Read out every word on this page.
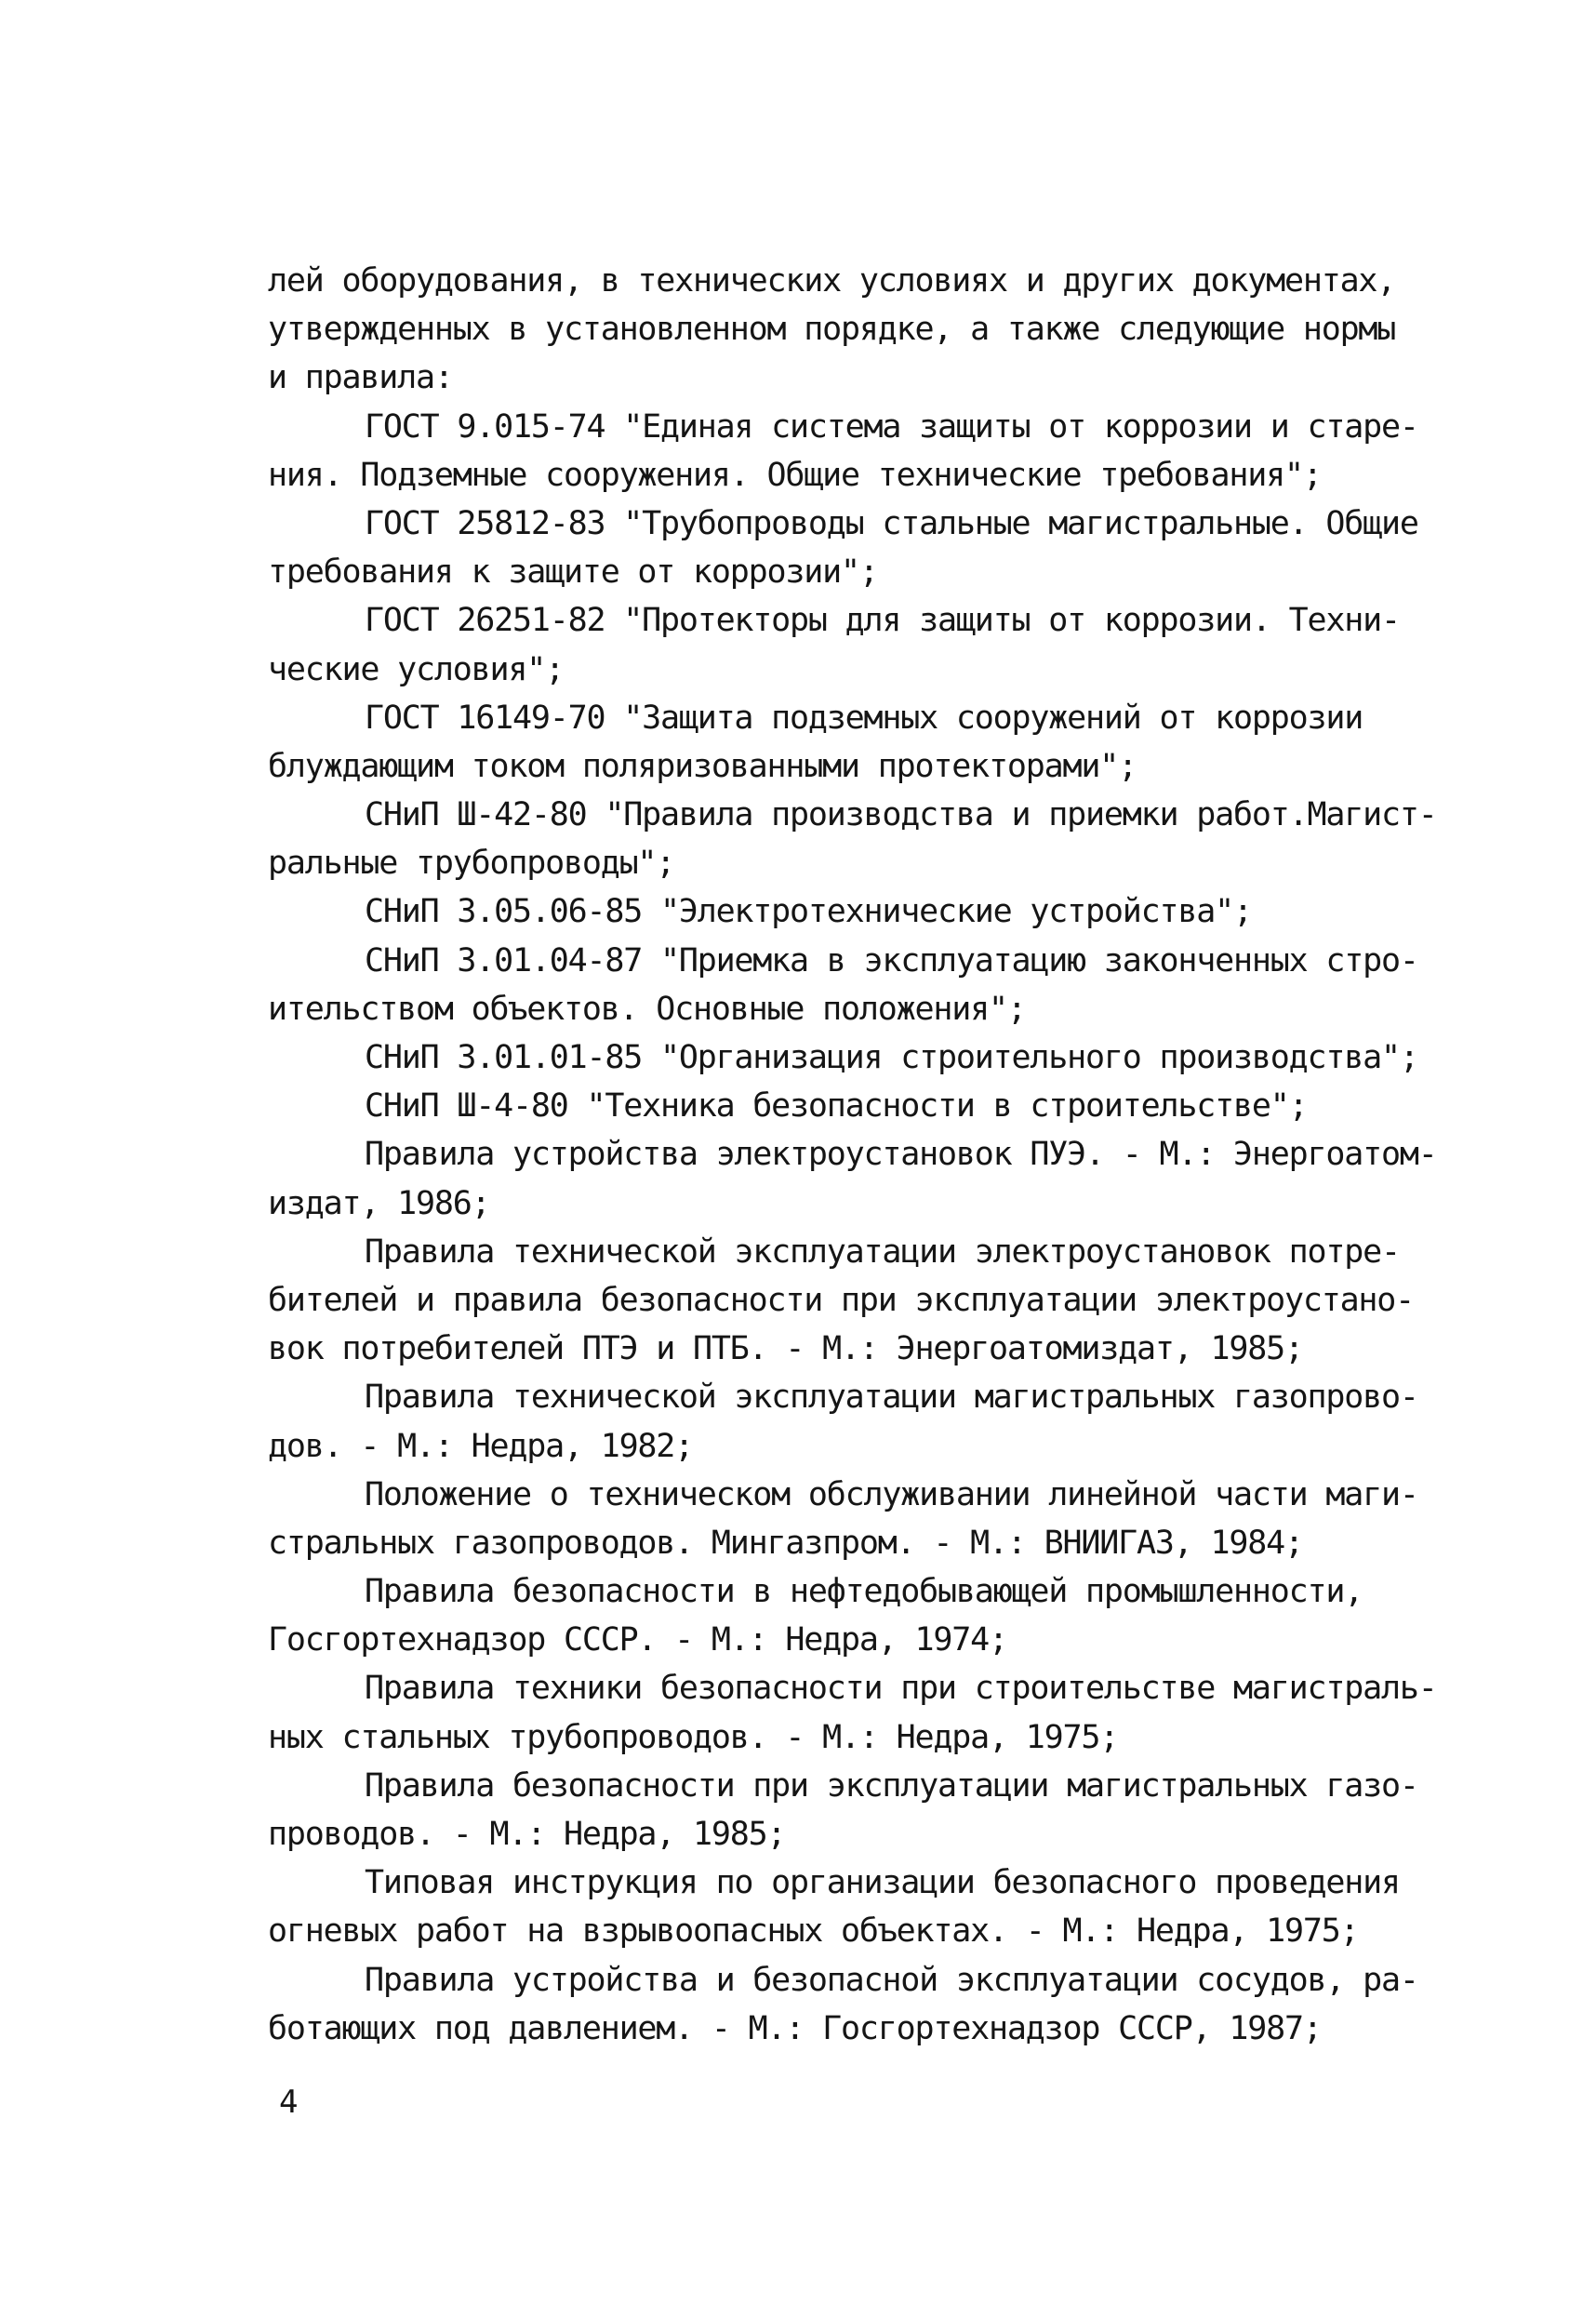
лей оборудования, в технических условиях и других документах,
утвержденных в установленном порядке, а также следующие нормы
и правила:
ГОСТ 9.015-74 "Единая система защиты от коррозии и старе-
ния. Подземные сооружения. Общие технические требования";
ГОСТ 25812-83 "Трубопроводы стальные магистральные. Общие
требования к защите от коррозии";
ГОСТ 26251-82 "Протекторы для защиты от коррозии. Техни-
ческие условия";
ГОСТ 16149-70 "Защита подземных сооружений от коррозии
блуждающим током поляризованными протекторами";
СНиП Ш-42-80 "Правила производства и приемки работ.Магист-
ральные трубопроводы";
СНиП 3.05.06-85 "Электротехнические устройства";
СНиП 3.01.04-87 "Приемка в эксплуатацию законченных стро-
ительством объектов. Основные положения";
СНиП 3.01.01-85 "Организация строительного производства";
СНиП Ш-4-80 "Техника безопасности в строительстве";
Правила устройства электроустановок ПУЭ. - М.: Энергоатом-
издат, 1986;
Правила технической эксплуатации электроустановок потре-
бителей и правила безопасности при эксплуатации электроустано-
вок потребителей ПТЭ и ПТБ. - М.: Энергоатомиздат, 1985;
Правила технической эксплуатации магистральных газопрово-
дов. - М.: Недра, 1982;
Положение о техническом обслуживании линейной части маги-
стральных газопроводов. Мингазпром. - М.: ВНИИГАЗ, 1984;
Правила безопасности в нефтедобывающей промышленности,
Госгортехнадзор СССР. - М.: Недра, 1974;
Правила техники безопасности при строительстве магистраль-
ных стальных трубопроводов. - М.: Недра, 1975;
Правила безопасности при эксплуатации магистральных газо-
проводов. - М.: Недра, 1985;
Типовая инструкция по организации безопасного проведения
огневых работ на взрывоопасных объектах. - М.: Недра, 1975;
Правила устройства и безопасной эксплуатации сосудов, ра-
ботающих под давлением. - М.: Госгортехнадзор СССР, 1987;
4
